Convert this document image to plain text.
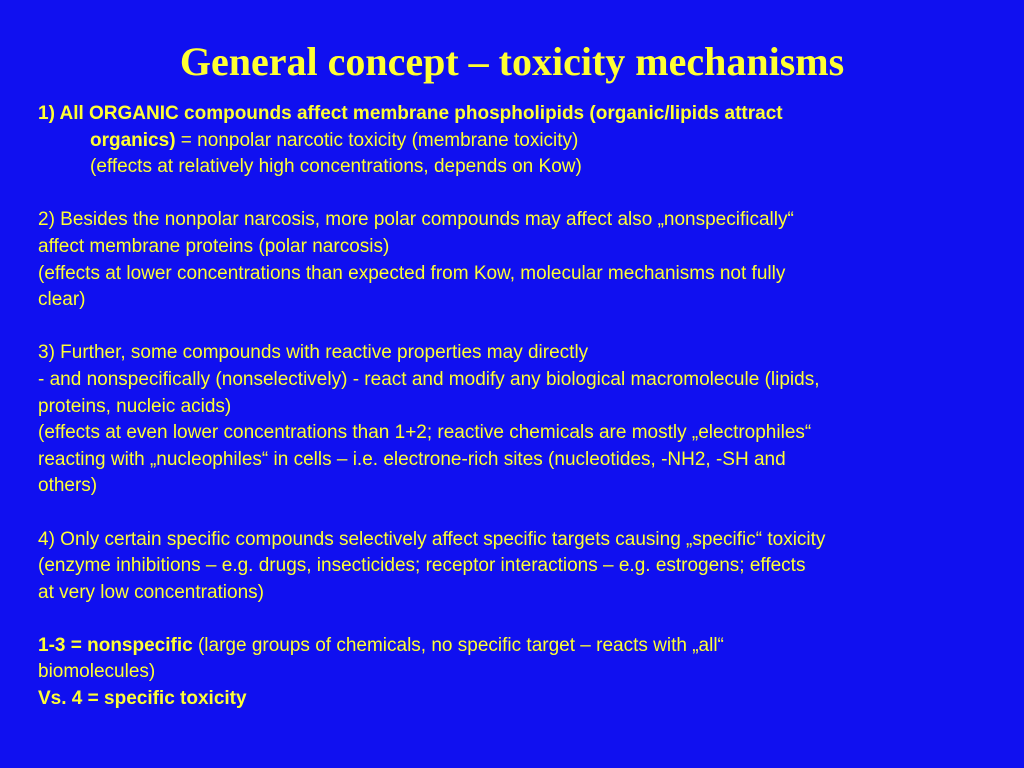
General concept – toxicity mechanisms
1) All ORGANIC compounds affect membrane phospholipids (organic/lipids attract
organics) = nonpolar narcotic toxicity (membrane toxicity)
(effects at relatively high concentrations, depends on Kow)
2) Besides the nonpolar narcosis, more polar compounds may affect also „nonspecifically“
affect membrane proteins (polar narcosis)
(effects at lower concentrations than expected from Kow, molecular mechanisms not fully
clear)
3) Further, some compounds with reactive properties may directly
- and nonspecifically (nonselectively) - react and modify any biological macromolecule (lipids,
proteins, nucleic acids)
(effects at even lower concentrations than 1+2; reactive chemicals are mostly „electrophiles“
reacting with „nucleophiles“ in cells – i.e. electrone-rich sites (nucleotides, -NH2, -SH and
others)
4) Only certain specific compounds selectively affect specific targets causing „specific“ toxicity
(enzyme inhibitions – e.g. drugs, insecticides; receptor interactions – e.g. estrogens; effects
at very low concentrations)
1-3 = nonspecific (large groups of chemicals, no specific target – reacts with „all“
biomolecules)
Vs. 4 = specific toxicity
